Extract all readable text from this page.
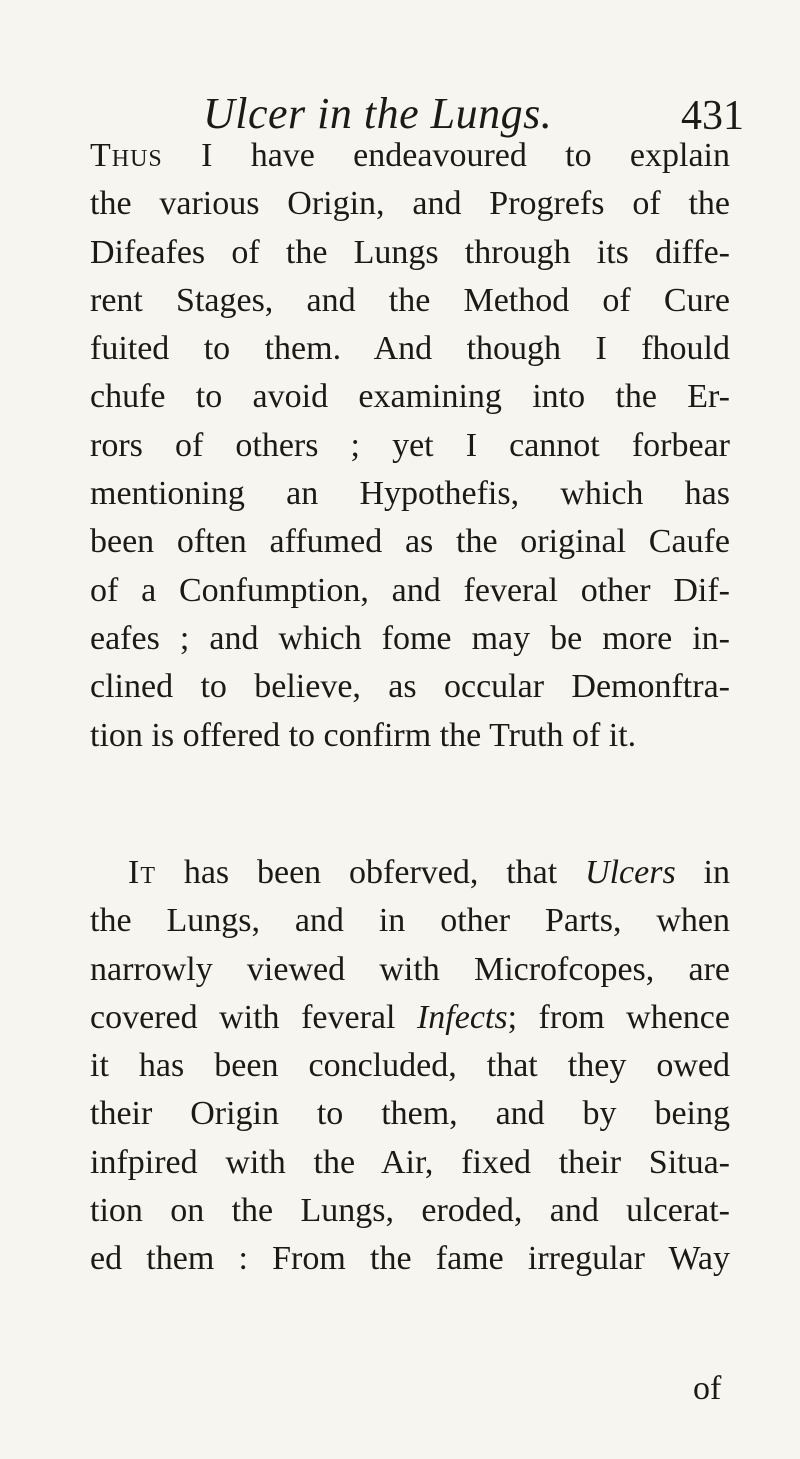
Ulcer in the Lungs.	431
Thus I have endeavoured to explain
the various Origin, and Progrefs of the
Difeafes of the Lungs through its diffe-
rent Stages, and the Method of Cure
fuited to them. And though I fhould
chufe to avoid examining into the Er-
rors of others ; yet I cannot forbear
mentioning an Hypothefis, which has
been often affumed as the original Caufe
of a Confumption, and feveral other Dif-
eafes ; and which fome may be more in-
clined to believe, as occular Demonftra-
tion is offered to confirm the Truth of it.
It has been obferved, that Ulcers in
the Lungs, and in other Parts, when
narrowly viewed with Microfcopes, are
covered with feveral Infects; from whence
it has been concluded, that they owed
their Origin to them, and by being
infpired with the Air, fixed their Situa-
tion on the Lungs, eroded, and ulcerat-
ed them : From the fame irregular Way
of
